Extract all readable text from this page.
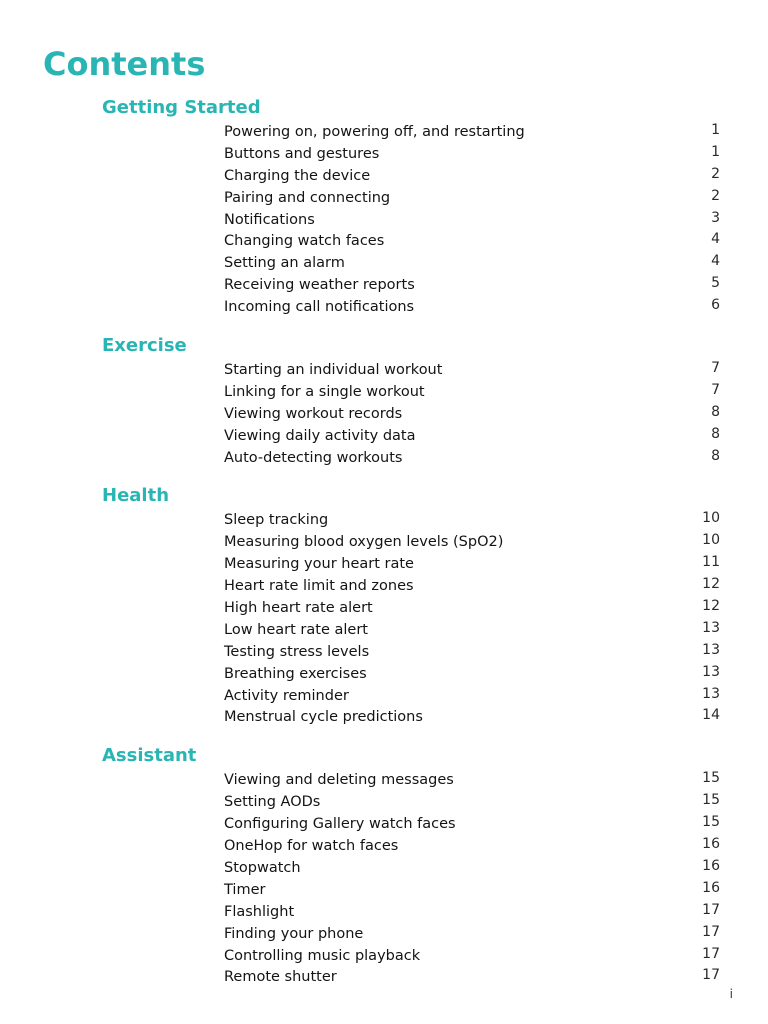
Contents
Getting Started
Powering on, powering off, and restarting	1
Buttons and gestures	1
Charging the device	2
Pairing and connecting	2
Notifications	3
Changing watch faces	4
Setting an alarm	4
Receiving weather reports	5
Incoming call notifications	6
Exercise
Starting an individual workout	7
Linking for a single workout	7
Viewing workout records	8
Viewing daily activity data	8
Auto-detecting workouts	8
Health
Sleep tracking	10
Measuring blood oxygen levels (SpO2)	10
Measuring your heart rate	11
Heart rate limit and zones	12
High heart rate alert	12
Low heart rate alert	13
Testing stress levels	13
Breathing exercises	13
Activity reminder	13
Menstrual cycle predictions	14
Assistant
Viewing and deleting messages	15
Setting AODs	15
Configuring Gallery watch faces	15
OneHop for watch faces	16
Stopwatch	16
Timer	16
Flashlight	17
Finding your phone	17
Controlling music playback	17
Remote shutter	17
i
